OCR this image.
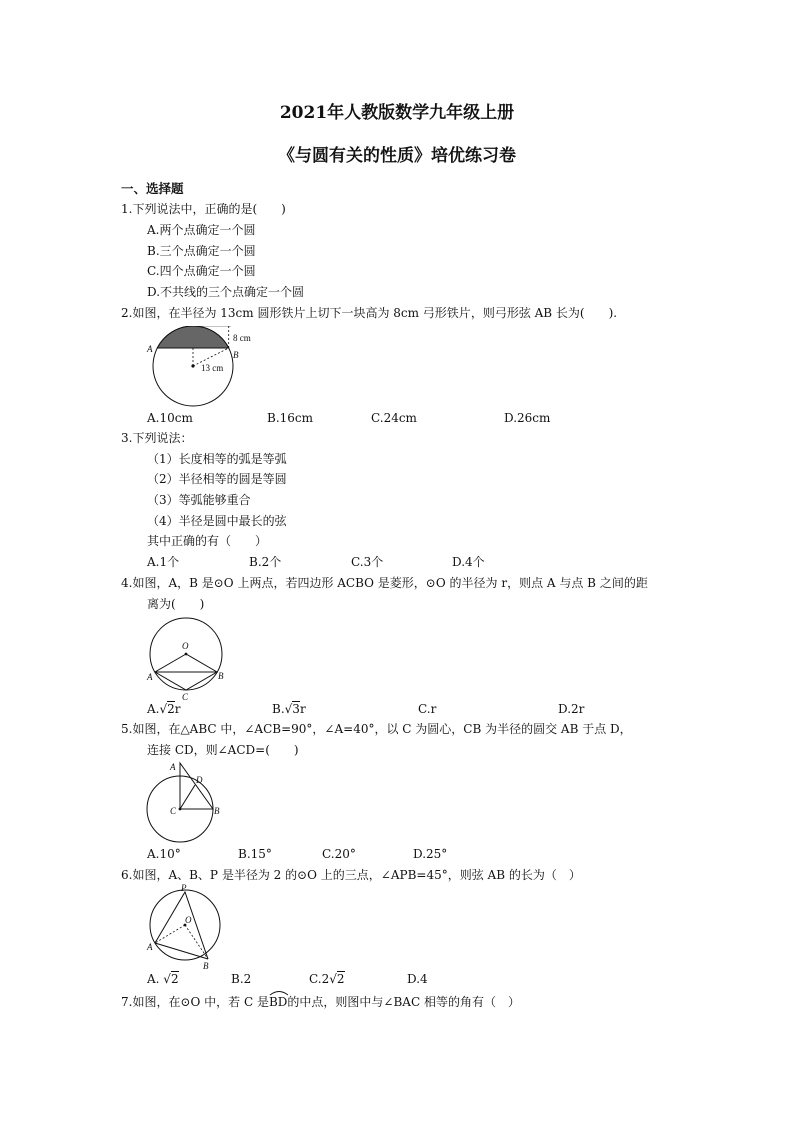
2021年人教版数学九年级上册
《与圆有关的性质》培优练习卷
一、选择题
1.下列说法中，正确的是(　　)
A.两个点确定一个圆
B.三个点确定一个圆
C.四个点确定一个圆
D.不共线的三个点确定一个圆
2.如图，在半径为 13cm 圆形铁片上切下一块高为 8cm 弓形铁片，则弓形弦 AB 长为(　　).
A
B
8 cm
13 cm
A.10cm	B.16cm	C.24cm	D.26cm
3.下列说法：
（1）长度相等的弧是等弧
（2）半径相等的圆是等圆
（3）等弧能够重合
（4）半径是圆中最长的弦
其中正确的有（　　）
A.1个	B.2个	C.3个	D.4个
4.如图，A，B 是⊙O 上两点，若四边形 ACBO 是菱形，⊙O 的半径为 r，则点 A 与点 B 之间的距
离为(　　)
O
A	B
C
A.√2r	B.√3r	C.r	D.2r
5.如图，在△ABC 中，∠ACB=90°，∠A=40°，以 C 为圆心，CB 为半径的圆交 AB 于点 D，
连接 CD，则∠ACD=(　　)
A
D
C	B
A.10°	B.15°	C.20°	D.25°
6.如图，A、B、P 是半径为 2 的⊙O 上的三点，∠APB=45°，则弦 AB 的长为（　）
P
O
A
B
A. √2	B.2	C.2√2	D.4
7.如图，在⊙O 中，若 C 是
BD的中点，则图中与∠BAC 相等的角有（　）
